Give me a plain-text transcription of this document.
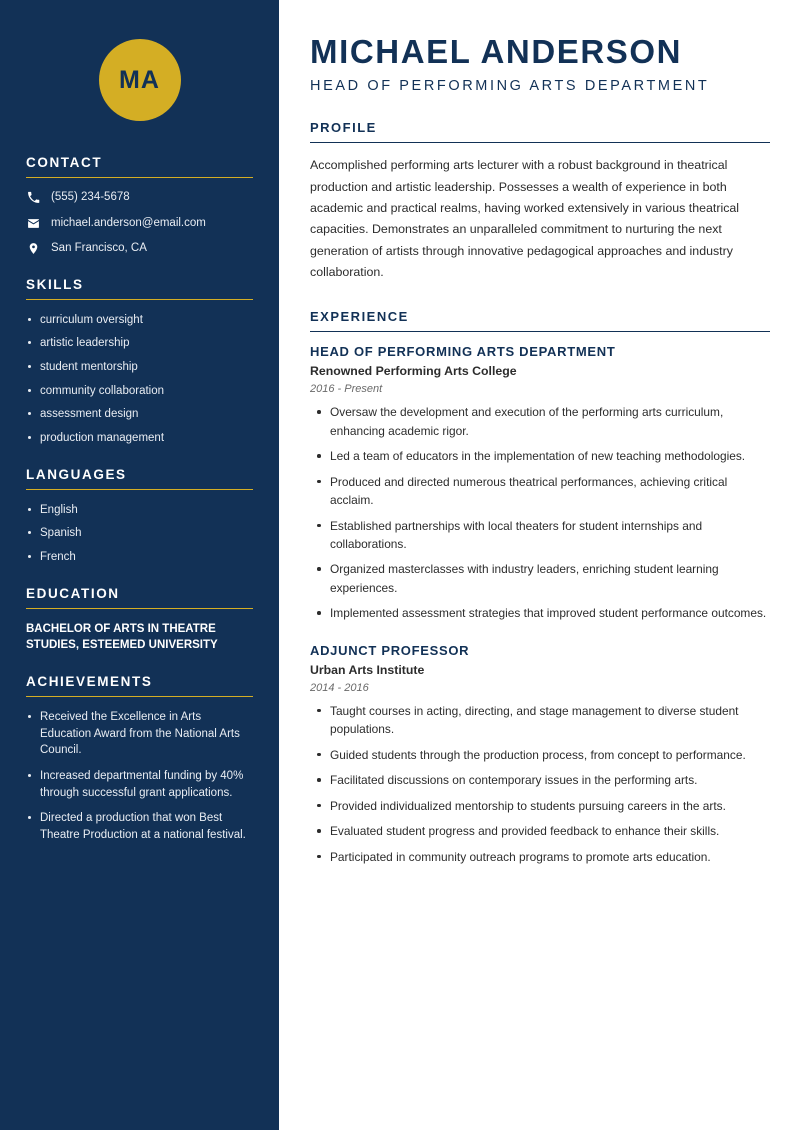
MA
CONTACT
(555) 234-5678
michael.anderson@email.com
San Francisco, CA
SKILLS
curriculum oversight
artistic leadership
student mentorship
community collaboration
assessment design
production management
LANGUAGES
English
Spanish
French
EDUCATION
BACHELOR OF ARTS IN THEATRE STUDIES, ESTEEMED UNIVERSITY
ACHIEVEMENTS
Received the Excellence in Arts Education Award from the National Arts Council.
Increased departmental funding by 40% through successful grant applications.
Directed a production that won Best Theatre Production at a national festival.
MICHAEL ANDERSON
HEAD OF PERFORMING ARTS DEPARTMENT
PROFILE

Accomplished performing arts lecturer with a robust background in theatrical production and artistic leadership. Possesses a wealth of experience in both academic and practical realms, having worked extensively in various theatrical capacities. Demonstrates an unparalleled commitment to nurturing the next generation of artists through innovative pedagogical approaches and industry collaboration.

EXPERIENCE
HEAD OF PERFORMING ARTS DEPARTMENT
Renowned Performing Arts College
2016 - Present
Oversaw the development and execution of the performing arts curriculum, enhancing academic rigor.
Led a team of educators in the implementation of new teaching methodologies.
Produced and directed numerous theatrical performances, achieving critical acclaim.
Established partnerships with local theaters for student internships and collaborations.
Organized masterclasses with industry leaders, enriching student learning experiences.
Implemented assessment strategies that improved student performance outcomes.
ADJUNCT PROFESSOR
Urban Arts Institute
2014 - 2016
Taught courses in acting, directing, and stage management to diverse student populations.
Guided students through the production process, from concept to performance.
Facilitated discussions on contemporary issues in the performing arts.
Provided individualized mentorship to students pursuing careers in the arts.
Evaluated student progress and provided feedback to enhance their skills.
Participated in community outreach programs to promote arts education.
